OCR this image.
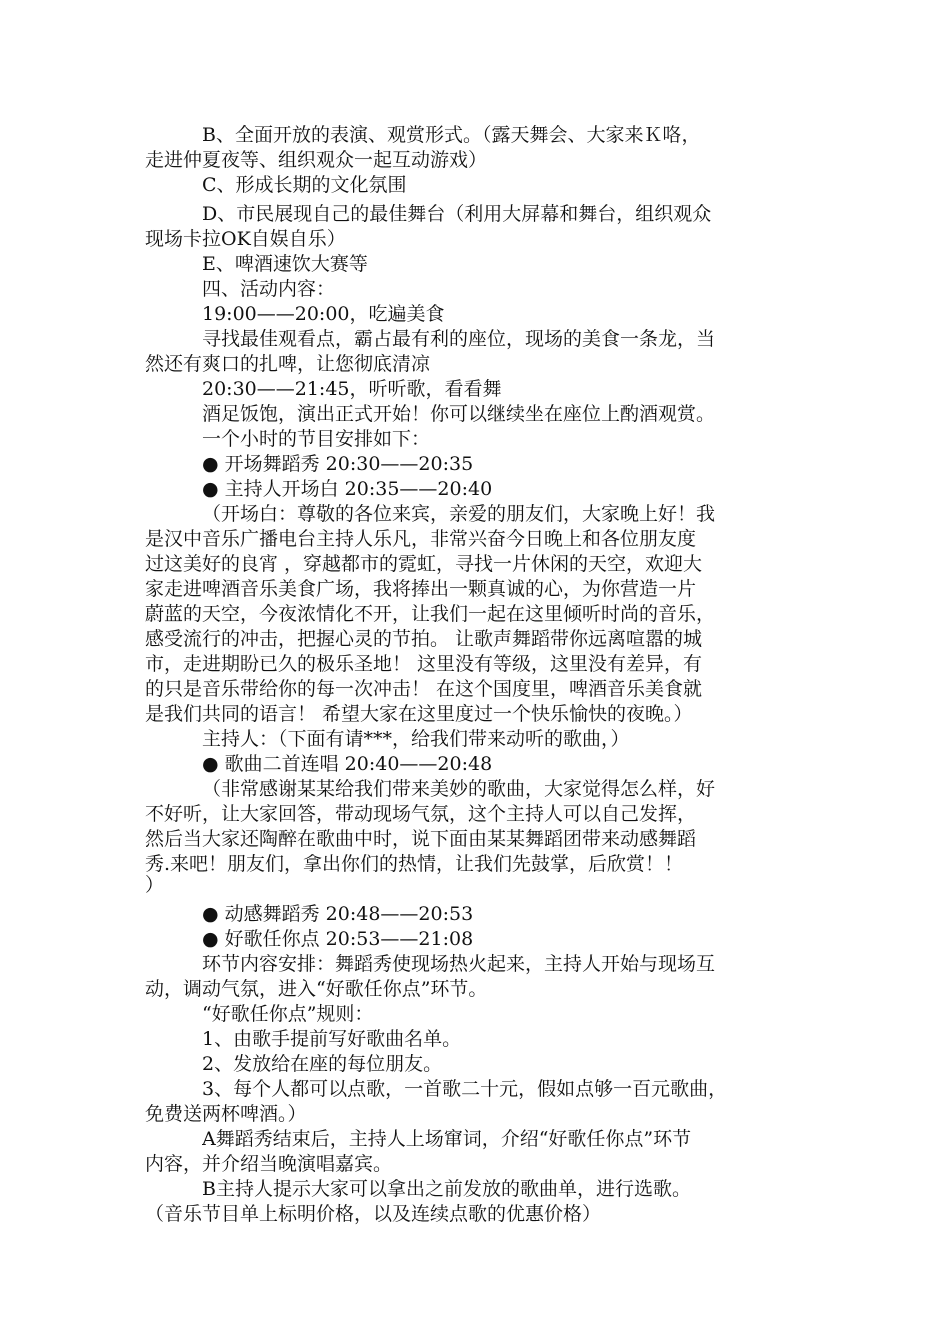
B、全面开放的表演、观赏形式。（露天舞会、大家来Ｋ咯，
走进仲夏夜等、组织观众一起互动游戏）
C、形成长期的文化氛围
D、市民展现自己的最佳舞台（利用大屏幕和舞台，组织观众
现场卡拉OK自娱自乐）
E、啤酒速饮大赛等
四、活动内容：
19:00——20:00，吃遍美食
寻找最佳观看点，霸占最有利的座位，现场的美食一条龙，当
然还有爽口的扎啤，让您彻底清凉
20:30——21:45，听听歌，看看舞
酒足饭饱，演出正式开始！你可以继续坐在座位上酌酒观赏。
一个小时的节目安排如下：
● 开场舞蹈秀 20:30——20:35
● 主持人开场白 20:35——20:40
（开场白：尊敬的各位来宾，亲爱的朋友们，大家晚上好！我
是汉中音乐广播电台主持人乐凡，非常兴奋今日晚上和各位朋友度
过这美好的良宵 ，穿越都市的霓虹，寻找一片休闲的天空，欢迎大
家走进啤酒音乐美食广场，我将捧出一颗真诚的心，为你营造一片
蔚蓝的天空，今夜浓情化不开，让我们一起在这里倾听时尚的音乐，
感受流行的冲击，把握心灵的节拍。 让歌声舞蹈带你远离喧嚣的城
市，走进期盼已久的极乐圣地！ 这里没有等级，这里没有差异，有
的只是音乐带给你的每一次冲击！ 在这个国度里，啤酒音乐美食就
是我们共同的语言！ 希望大家在这里度过一个快乐愉快的夜晚。）
主持人：（下面有请***，给我们带来动听的歌曲，）
● 歌曲二首连唱 20:40——20:48
（非常感谢某某给我们带来美妙的歌曲，大家觉得怎么样，好
不好听，让大家回答，带动现场气氛，这个主持人可以自己发挥，
然后当大家还陶醉在歌曲中时，说下面由某某舞蹈团带来动感舞蹈
秀.来吧！朋友们，拿出你们的热情，让我们先鼓掌，后欣赏！！
）
● 动感舞蹈秀 20:48——20:53
● 好歌任你点 20:53——21:08
环节内容安排：舞蹈秀使现场热火起来，主持人开始与现场互
动，调动气氛，进入“好歌任你点”环节。
“好歌任你点”规则：
1、由歌手提前写好歌曲名单。
2、发放给在座的每位朋友。
3、每个人都可以点歌，一首歌二十元，假如点够一百元歌曲，
免费送两杯啤酒。）
A舞蹈秀结束后，主持人上场窜词，介绍“好歌任你点”环节
内容，并介绍当晚演唱嘉宾。
B主持人提示大家可以拿出之前发放的歌曲单，进行选歌。
（音乐节目单上标明价格，以及连续点歌的优惠价格）
